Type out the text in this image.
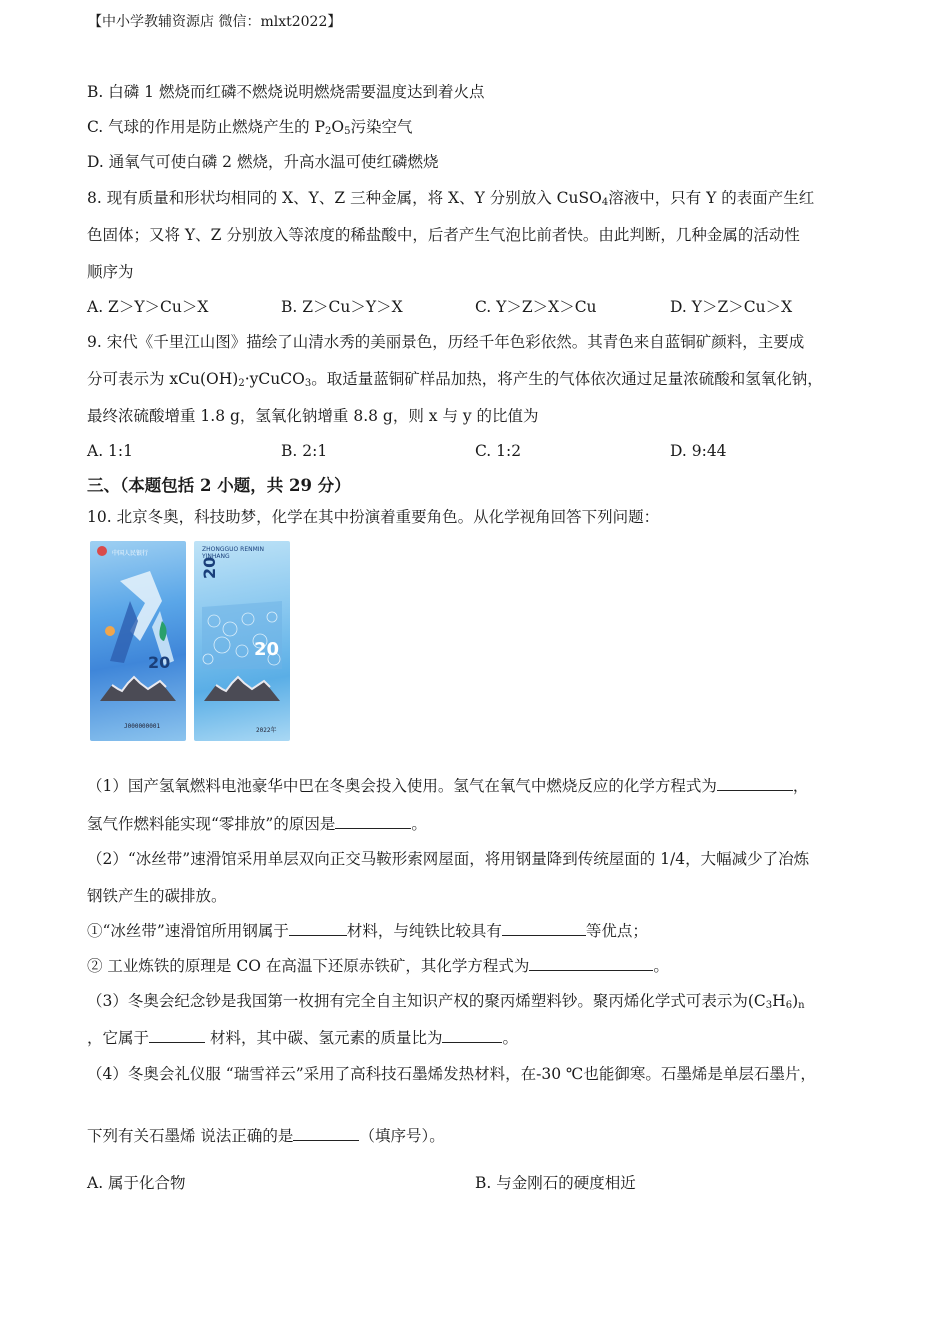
【中小学教辅资源店 微信：mlxt2022】
B. 白磷 1 燃烧而红磷不燃烧说明燃烧需要温度达到着火点
C. 气球的作用是防止燃烧产生的 $P_2O_5$污染空气
D. 通氧气可使白磷 2 燃烧，升高水温可使红磷燃烧
8. 现有质量和形状均相同的 X、Y、Z 三种金属，将 X、Y 分别放入 CuSO$_4$溶液中，只有 Y 的表面产生红
色固体；又将 Y、Z 分别放入等浓度的稀盐酸中，后者产生气泡比前者快。由此判断，几种金属的活动性
顺序为
A. Z＞Y＞Cu＞X	B. Z＞Cu＞Y＞X	C. Y＞Z＞X＞Cu	D. Y＞Z＞Cu＞X
9. 宋代《千里江山图》描绘了山清水秀的美丽景色，历经千年色彩依然。其青色来自蓝铜矿颜料，主要成
分可表示为 $xCu(OH)_2\cdot yCuCO_3$。取适量蓝铜矿样品加热，将产生的气体依次通过足量浓硫酸和氢氧化钠，
最终浓硫酸增重 1.8 g，氢氧化钠增重 8.8 g，则 x 与 y 的比值为
A. 1:1	B. 2:1	C. 1:2	D. 9:44
三、（本题包括 2 小题，共 29 分）
10. 北京冬奥，科技助梦，化学在其中扮演着重要角色。从化学视角回答下列问题：
中国人民银行
20
J000000001
ZHONGGUO RENMIN YINHANG
20
20
2022年
（1）国产氢氧燃料电池豪华中巴在冬奥会投入使用。氢气在氧气中燃烧反应的化学方程式为	，
氢气作燃料能实现“零排放”的原因是	。
（2）“冰丝带”速滑馆采用单层双向正交马鞍形索网屋面，将用钢量降到传统屋面的 1/4，大幅减少了冶炼
钢铁产生的碳排放。
①“冰丝带”速滑馆所用钢属于	材料，与纯铁比较具有	等优点；
② 工业炼铁的原理是 CO 在高温下还原赤铁矿，其化学方程式为	。
（3）冬奥会纪念钞是我国第一枚拥有完全自主知识产权的聚丙烯塑料钞。聚丙烯化学式可表示为$(C_3H_6)_n$
，它属于	材料，其中碳、氢元素的质量比为	。
（4）冬奥会礼仪服 “瑞雪祥云”采用了高科技石墨烯发热材料，在-30 ℃也能御寒。石墨烯是单层石墨片，
下列有关石墨烯 说法正确的是	（填序号）。
A. 属于化合物	B. 与金刚石的硬度相近
